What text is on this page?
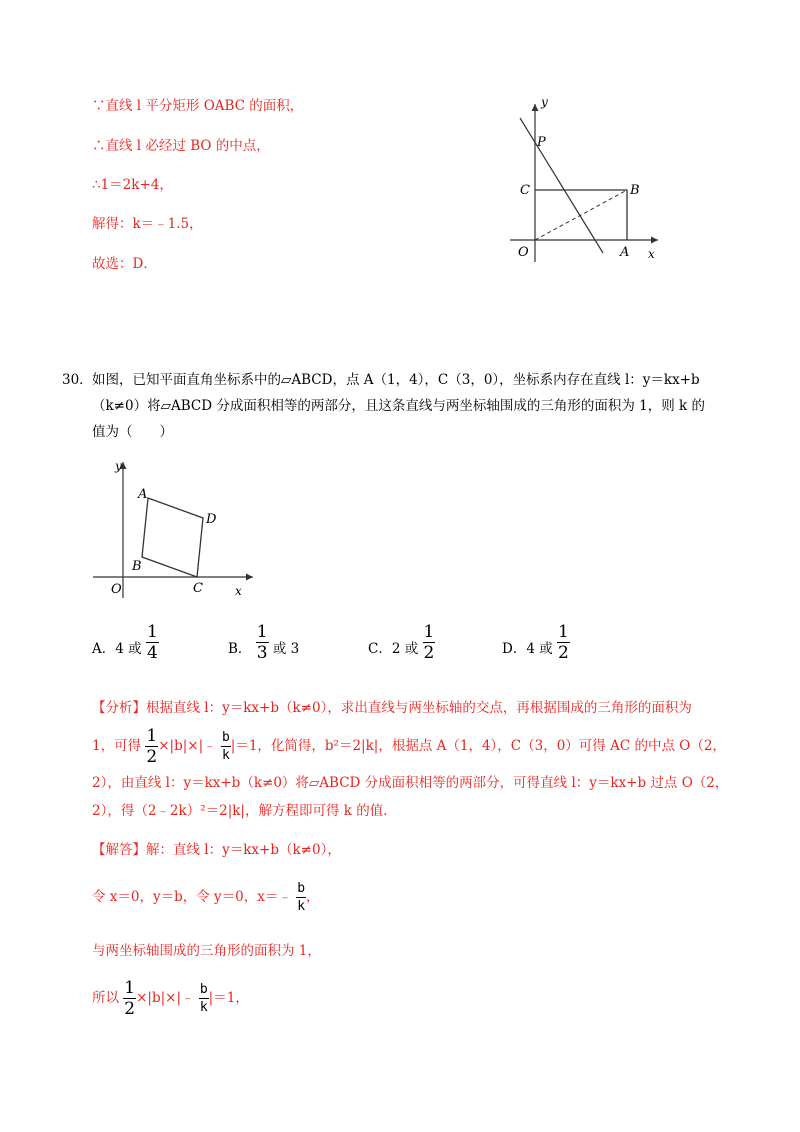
∵直线 l 平分矩形 OABC 的面积，
∴直线 l 必经过 BO 的中点，
∴1＝2k+4，
解得：k＝﹣1.5，
故选：D．
y
P
C	B
O	A x
30． 如图，已知平面直角坐标系中的▱ABCD，点 A（1，4），C（3，0），坐标系内存在直线 l：y＝kx+b
（k≠0）将▱ABCD 分成面积相等的两部分，且这条直线与两坐标轴围成的三角形的面积为 1，则 k 的
值为（　　）
y
A
D
B
C
O	x
A．4 或 $\frac{1}{4}$	B． $\frac{1}{3}$ 或 3	C．2 或 $\frac{1}{2}$	D．4 或 $\frac{1}{2}$
【分析】根据直线 l：y＝kx+b（k≠0），求出直线与两坐标轴的交点，再根据围成的三角形的面积为
1，可得 $\frac{1}{2}$ ×|b|×|﹣ $\frac{b}{k} |=1$，化简得，b²＝2|k|，根据点 A（1，4），C（3，0）可得 AC 的中点 O（2，
2），由直线 l：y＝kx+b（k≠0）将▱ABCD 分成面积相等的两部分，可得直线 l：y＝kx+b 过点 O（2，
2），得（2﹣2k）²＝2|k|，解方程即可得 k 的值．
【解答】解：直线 l：y＝kx+b（k≠0），
令 x＝0，y＝b，令 y＝0，x＝﹣ $\frac{b}{k}$ ，
与两坐标轴围成的三角形的面积为 1，
所以 $\frac{1}{2}$ ×|b|×|﹣ $\frac{b}{k} |=1$，
